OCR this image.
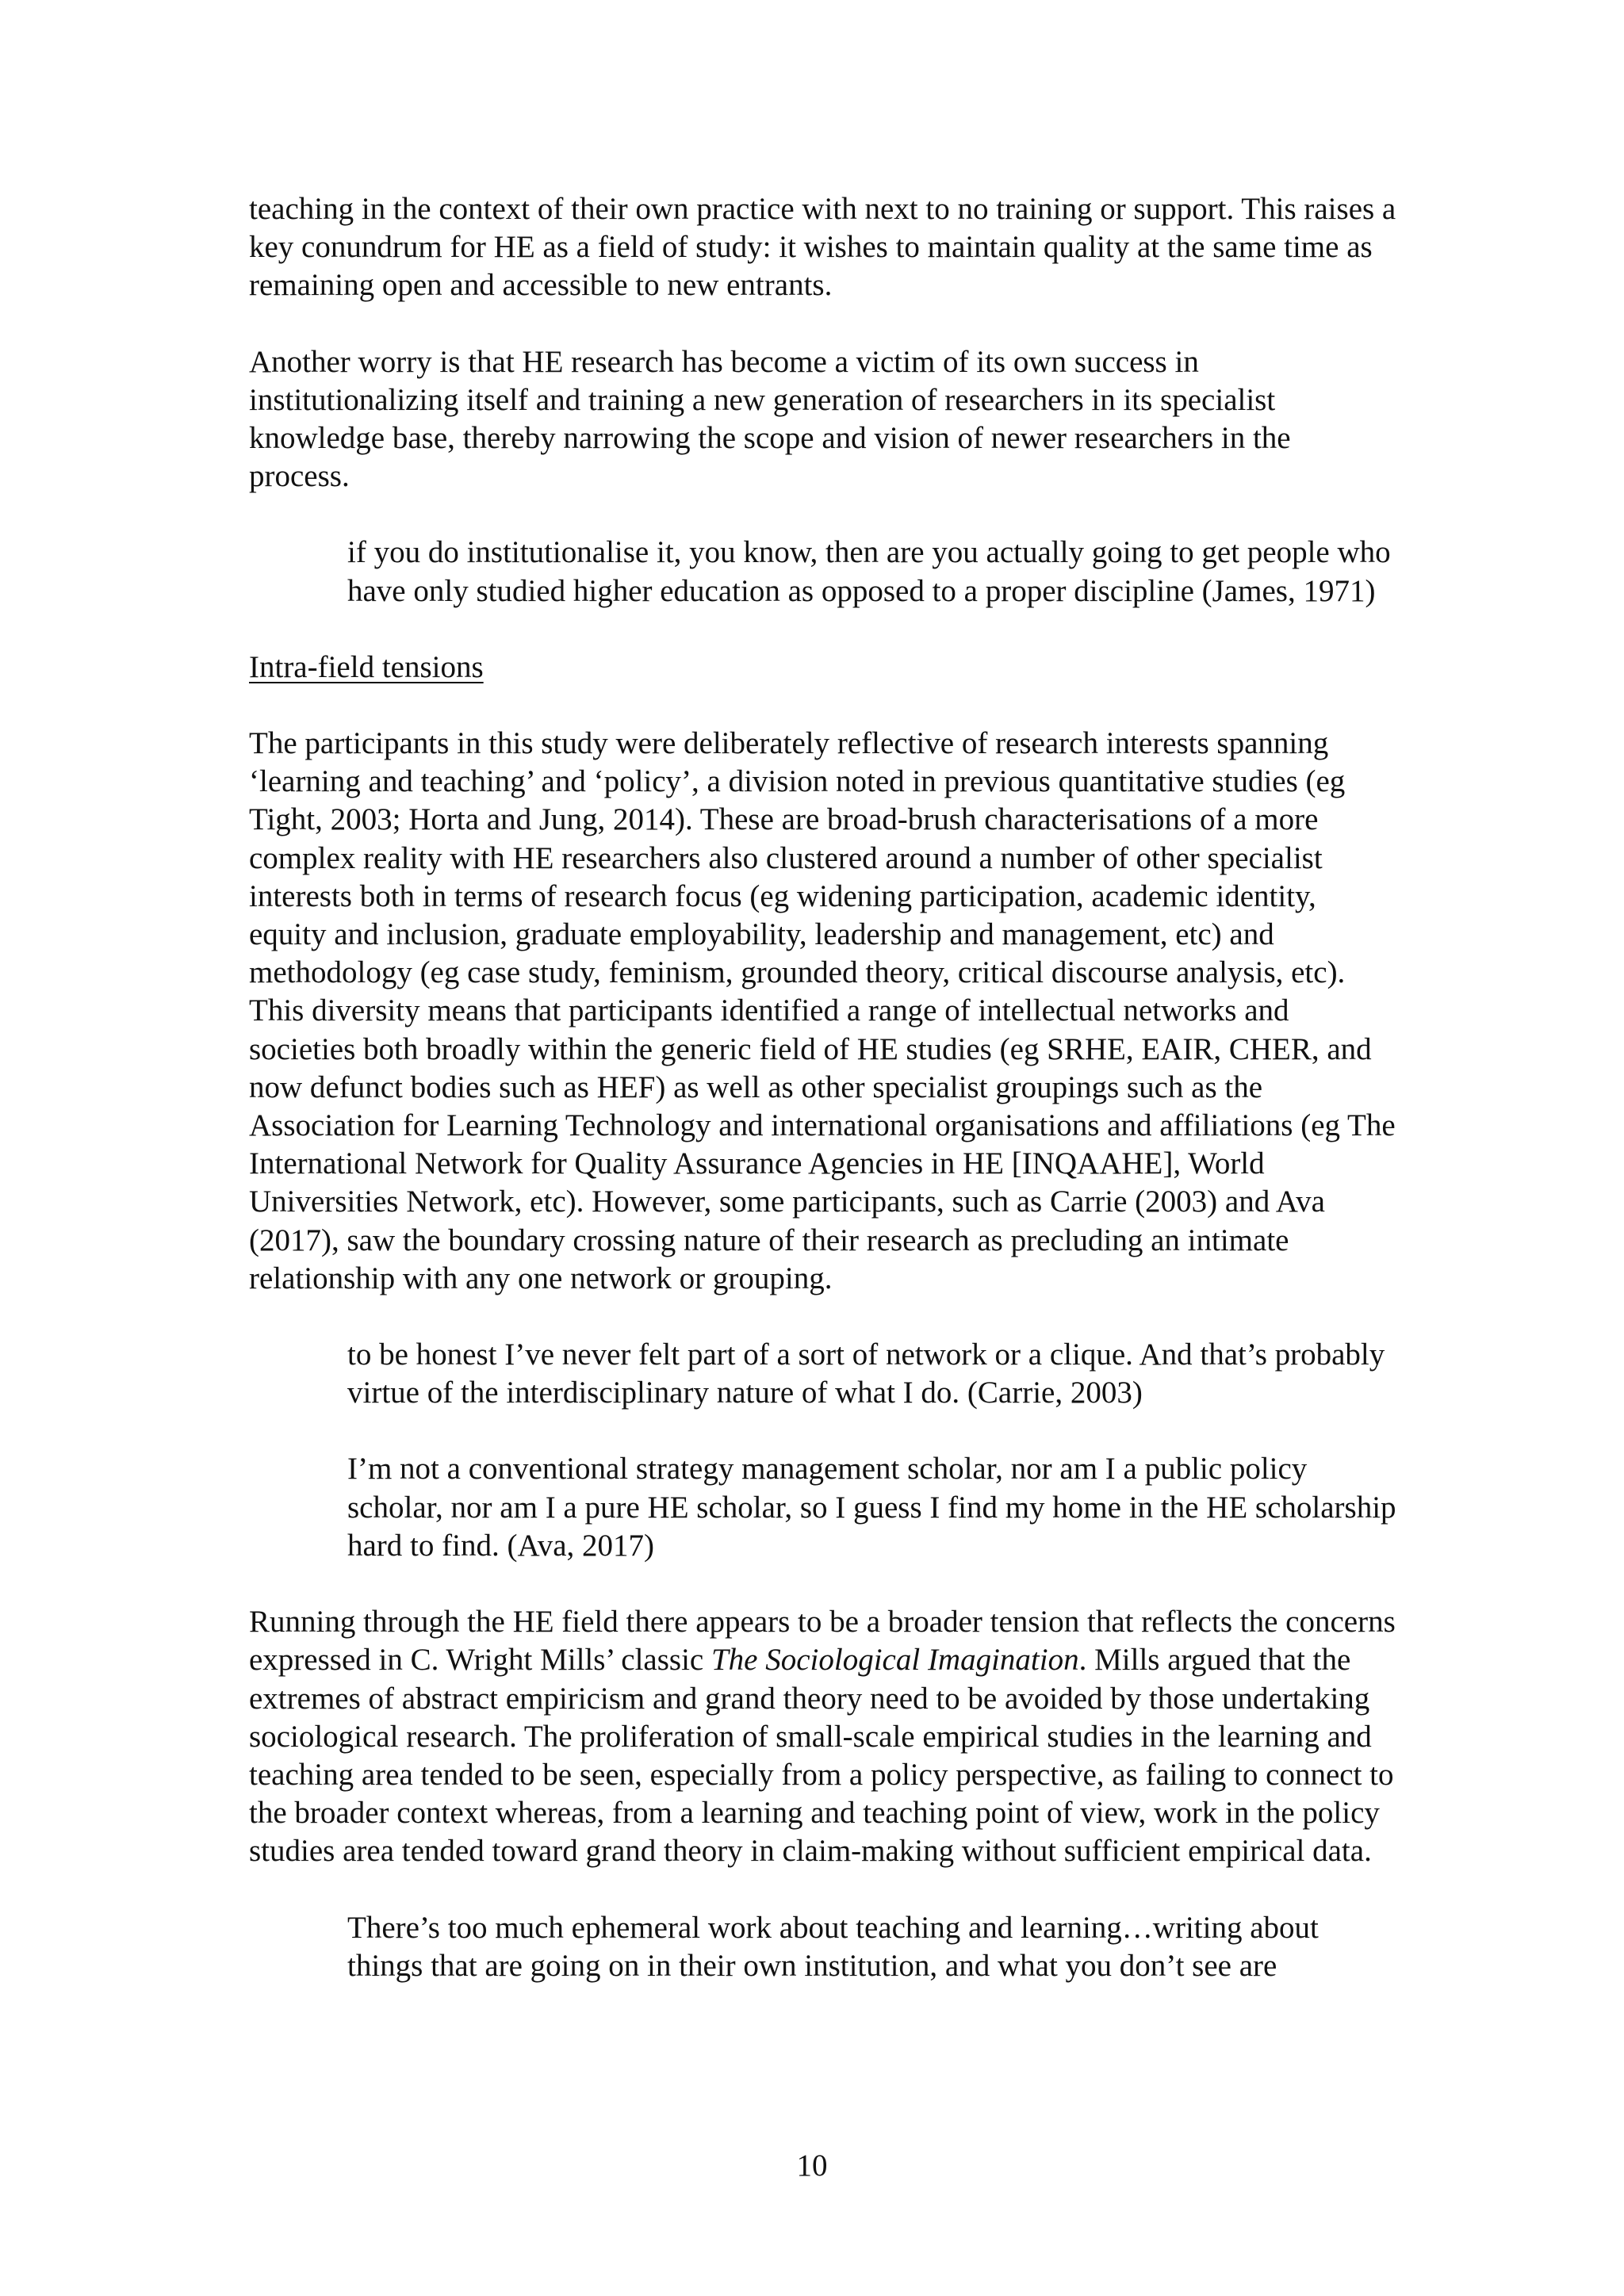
teaching in the context of their own practice with next to no training or support. This raises a key conundrum for HE as a field of study: it wishes to maintain quality at the same time as remaining open and accessible to new entrants.

Another worry is that HE research has become a victim of its own success in institutionalizing itself and training a new generation of researchers in its specialist knowledge base, thereby narrowing the scope and vision of newer researchers in the process.

if you do institutionalise it, you know, then are you actually going to get people who have only studied higher education as opposed to a proper discipline (James, 1971)

Intra-field tensions

The participants in this study were deliberately reflective of research interests spanning ‘learning and teaching’ and ‘policy’, a division noted in previous quantitative studies (eg Tight, 2003; Horta and Jung, 2014). These are broad-brush characterisations of a more complex reality with HE researchers also clustered around a number of other specialist interests both in terms of research focus (eg widening participation, academic identity, equity and inclusion, graduate employability, leadership and management, etc) and methodology (eg case study, feminism, grounded theory, critical discourse analysis, etc). This diversity means that participants identified a range of intellectual networks and societies both broadly within the generic field of HE studies (eg SRHE, EAIR, CHER, and now defunct bodies such as HEF) as well as other specialist groupings such as the Association for Learning Technology and international organisations and affiliations (eg The International Network for Quality Assurance Agencies in HE [INQAAHE], World Universities Network, etc). However, some participants, such as Carrie (2003) and Ava (2017), saw the boundary crossing nature of their research as precluding an intimate relationship with any one network or grouping.

to be honest I’ve never felt part of a sort of network or a clique. And that’s probably virtue of the interdisciplinary nature of what I do. (Carrie, 2003)

I’m not a conventional strategy management scholar, nor am I a public policy scholar, nor am I a pure HE scholar, so I guess I find my home in the HE scholarship hard to find. (Ava, 2017)

Running through the HE field there appears to be a broader tension that reflects the concerns expressed in C. Wright Mills’ classic The Sociological Imagination. Mills argued that the extremes of abstract empiricism and grand theory need to be avoided by those undertaking sociological research. The proliferation of small-scale empirical studies in the learning and teaching area tended to be seen, especially from a policy perspective, as failing to connect to the broader context whereas, from a learning and teaching point of view, work in the policy studies area tended toward grand theory in claim-making without sufficient empirical data.

There’s too much ephemeral work about teaching and learning…writing about things that are going on in their own institution, and what you don’t see are

10
